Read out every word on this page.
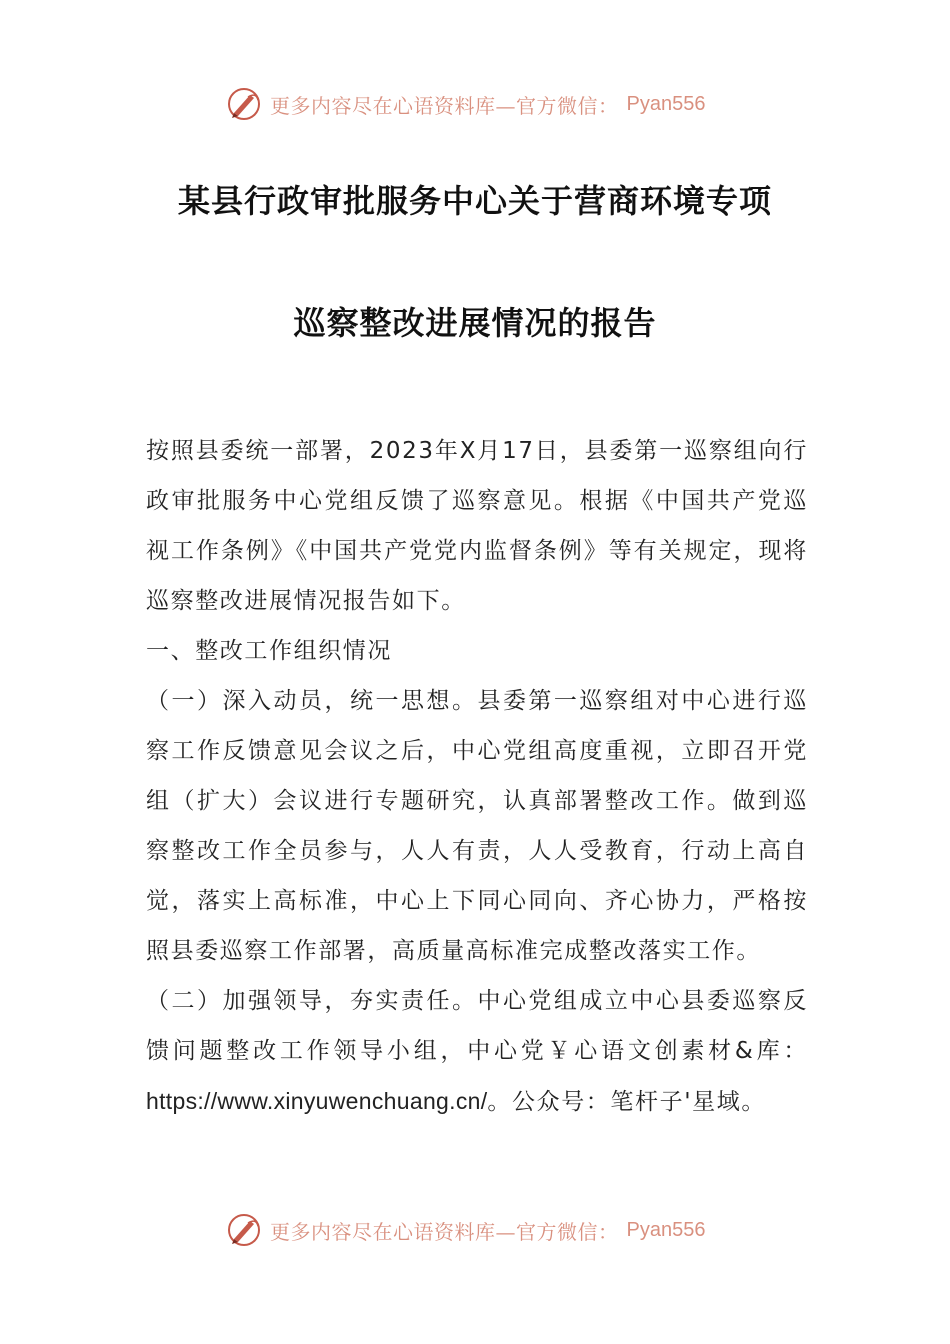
更多内容尽在心语资料库—官方微信： Pyan556
某县行政审批服务中心关于营商环境专项
巡察整改进展情况的报告

按照县委统一部署，2023年X月17日，县委第一巡察组向行政审批服务中心党组反馈了巡察意见。根据《中国共产党巡视工作条例》《中国共产党党内监督条例》等有关规定，现将巡察整改进展情况报告如下。

一、整改工作组织情况

（一）深入动员，统一思想。县委第一巡察组对中心进行巡察工作反馈意见会议之后，中心党组高度重视，立即召开党组（扩大）会议进行专题研究，认真部署整改工作。做到巡察整改工作全员参与，人人有责，人人受教育，行动上高自觉，落实上高标准，中心上下同心同向、齐心协力，严格按照县委巡察工作部署，高质量高标准完成整改落实工作。

（二）加强领导，夯实责任。中心党组成立中心县委巡察反馈问题整改工作领导小组，中心党￥心语文创素材&库：https://www.xinyuwenchuang.cn/。公众号：笔杆子'星域。

更多内容尽在心语资料库—官方微信： Pyan556
